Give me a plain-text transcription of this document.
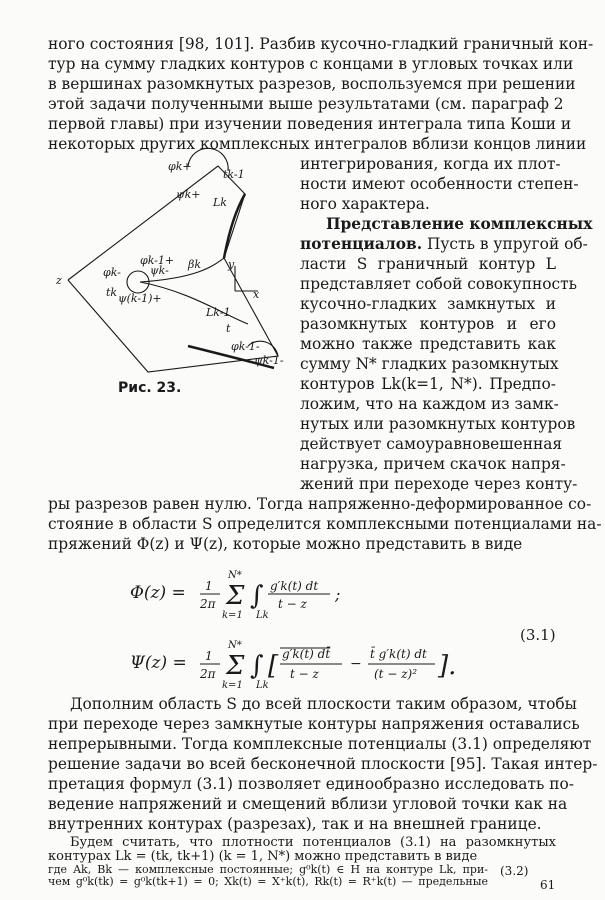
ного состояния [98, 101]. Разбив кусочно-гладкий граничный кон-
тур на сумму гладких контуров с концами в угловых точках или
в вершинах разомкнутых разрезов, воспользуемся при решении
этой задачи полученными выше результатами (см. параграф 2
первой главы) при изучении поведения интеграла типа Коши и
некоторых других комплексных интегралов вблизи концов линии
интегрирования, когда их плот-
ности имеют особенности степен-
ного характера.
Представление комплексных
потенциалов. Пусть в упругой об-
ласти S граничный контур L
представляет собой совокупность
кусочно-гладких замкнутых и
разомкнутых контуров и его
можно также представить как
сумму N* гладких разомкнутых
контуров Lk(k=1, N*). Предпо-
ложим, что на каждом из замк-
нутых или разомкнутых контуров
действует самоуравновешенная
нагрузка, причем скачок напря-
жений при переходе через конту-
φk+
tk-1
ψk+
Lk
φk-1+
φk-	ψk- βk y
x
z
tk ψ(k-1)+
Lk-1
t
φk-1-
ψk-1-
Рис. 23.
ры разрезов равен нулю. Тогда напряженно-деформированное со-
стояние в области S определится комплексными потенциалами на-
пряжений Φ(z) и Ψ(z), которые можно представить в виде
Φ(z) = 1
2π Σ
N*
k=1
∫
Lk
g′k(t) dt
t − z ;
Ψ(z) = 1
2π Σ
N*
k=1
∫
Lk
[ g′k(t) dt̄
t − z
−
t̄ g′k(t) dt
(t − z)² ].
(3.1)
Дополним область S до всей плоскости таким образом, чтобы
при переходе через замкнутые контуры напряжения оставались
непрерывными. Тогда комплексные потенциалы (3.1) определяют
решение задачи во всей бесконечной плоскости [95]. Такая интер-
претация формул (3.1) позволяет единообразно исследовать по-
ведение напряжений и смещений вблизи угловой точки как на
внутренних контурах (разрезах), так и на внешней границе.
Будем считать, что плотности потенциалов (3.1) на разомкнутых
контурах Lk = (tk, tk+1) (k = 1, N*) можно представить в виде
(3.2)
где Ak, Bk — комплексные постоянные; g⁰k(t) ∈ H на контуре Lk, при-
чем g⁰k(tk) = g⁰k(tk+1) = 0; Xk(t) = X⁺k(t), Rk(t) = R⁺k(t) — предельные	61
